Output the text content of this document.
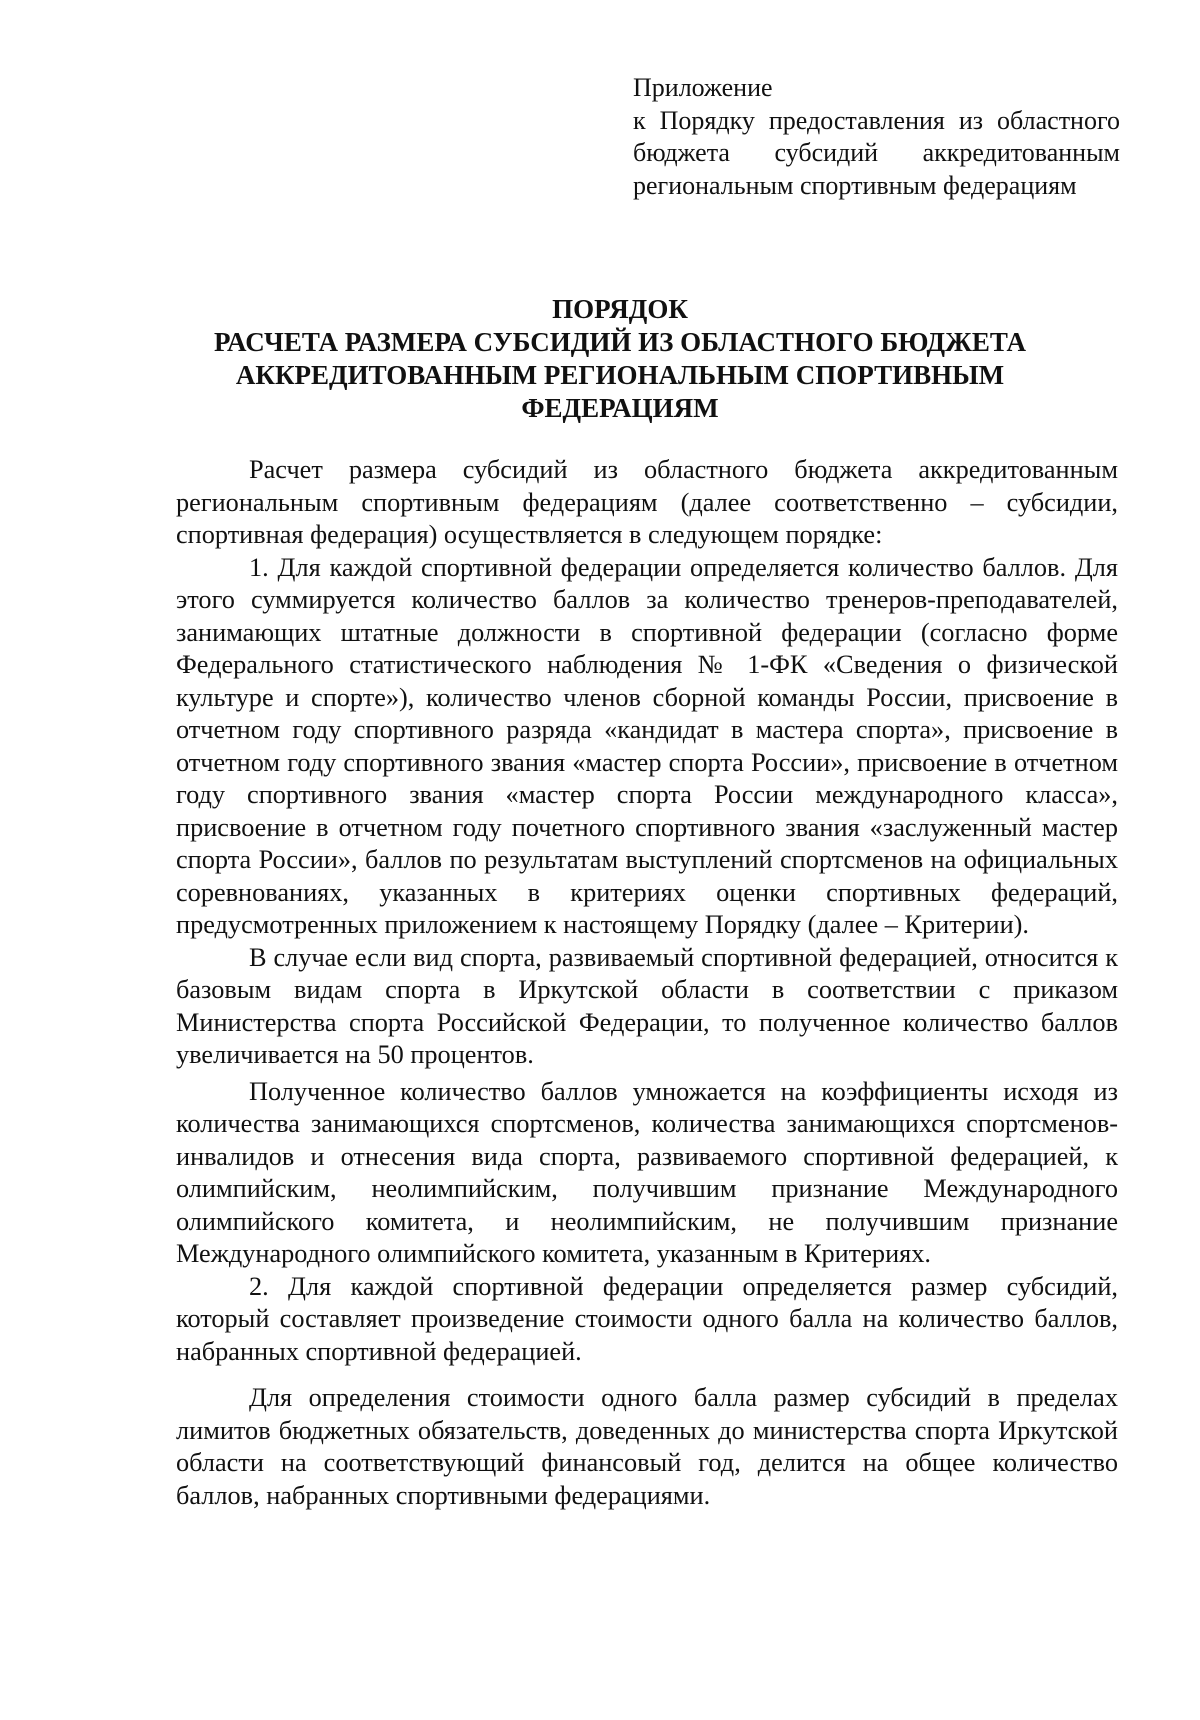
Приложение
к Порядку предоставления из областного бюджета субсидий аккредитованным региональным спортивным федерациям
ПОРЯДОК
РАСЧЕТА РАЗМЕРА СУБСИДИЙ ИЗ ОБЛАСТНОГО БЮДЖЕТА
АККРЕДИТОВАННЫМ РЕГИОНАЛЬНЫМ СПОРТИВНЫМ
ФЕДЕРАЦИЯМ

Расчет размера субсидий из областного бюджета аккредитованным региональным спортивным федерациям (далее соответственно – субсидии, спортивная федерация) осуществляется в следующем порядке:

1. Для каждой спортивной федерации определяется количество баллов. Для этого суммируется количество баллов за количество тренеров-преподавателей, занимающих штатные должности в спортивной федерации (согласно форме Федерального статистического наблюдения № 1-ФК «Сведения о физической культуре и спорте»), количество членов сборной команды России, присвоение в отчетном году спортивного разряда «кандидат в мастера спорта», присвоение в отчетном году спортивного звания «мастер спорта России», присвоение в отчетном году спортивного звания «мастер спорта России международного класса», присвоение в отчетном году почетного спортивного звания «заслуженный мастер спорта России», баллов по результатам выступлений спортсменов на официальных соревнованиях, указанных в критериях оценки спортивных федераций, предусмотренных приложением к настоящему Порядку (далее – Критерии).

В случае если вид спорта, развиваемый спортивной федерацией, относится к базовым видам спорта в Иркутской области в соответствии с приказом Министерства спорта Российской Федерации, то полученное количество баллов увеличивается на 50 процентов.

Полученное количество баллов умножается на коэффициенты исходя из количества занимающихся спортсменов, количества занимающихся спортсменов-инвалидов и отнесения вида спорта, развиваемого спортивной федерацией, к олимпийским, неолимпийским, получившим признание Международного олимпийского комитета, и неолимпийским, не получившим признание Международного олимпийского комитета, указанным в Критериях.

2. Для каждой спортивной федерации определяется размер субсидий, который составляет произведение стоимости одного балла на количество баллов, набранных спортивной федерацией.

Для определения стоимости одного балла размер субсидий в пределах лимитов бюджетных обязательств, доведенных до министерства спорта Иркутской области на соответствующий финансовый год, делится на общее количество баллов, набранных спортивными федерациями.
